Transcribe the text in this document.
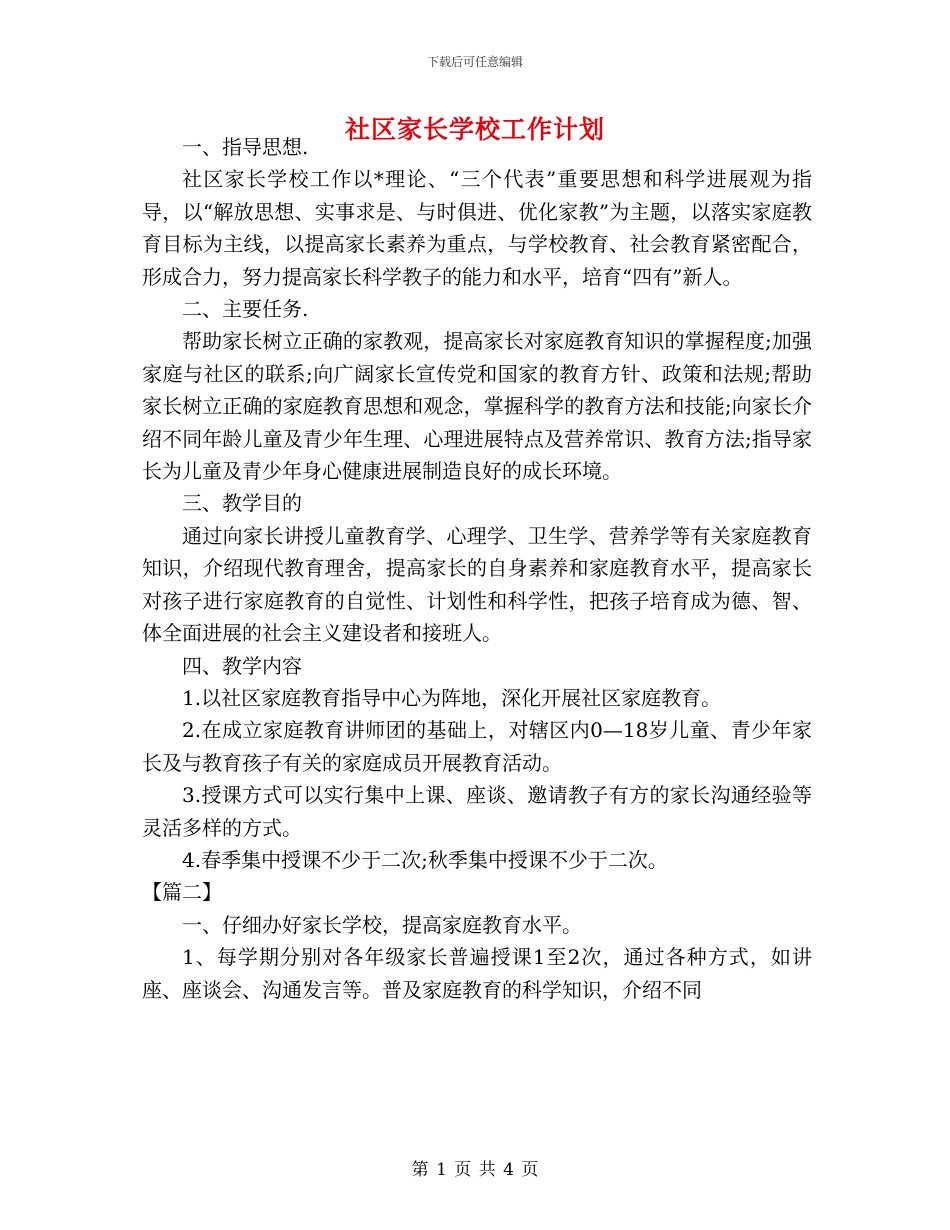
下载后可任意编辑
社区家长学校工作计划

一、指导思想.

社区家长学校工作以*理论、“三个代表”重要思想和科学进展观为指导，以“解放思想、实事求是、与时俱进、优化家教”为主题，以落实家庭教育目标为主线，以提高家长素养为重点，与学校教育、社会教育紧密配合，形成合力，努力提高家长科学教子的能力和水平，培育“四有”新人。

二、主要任务.

帮助家长树立正确的家教观，提高家长对家庭教育知识的掌握程度;加强家庭与社区的联系;向广阔家长宣传党和国家的教育方针、政策和法规;帮助家长树立正确的家庭教育思想和观念，掌握科学的教育方法和技能;向家长介绍不同年龄儿童及青少年生理、心理进展特点及营养常识、教育方法;指导家长为儿童及青少年身心健康进展制造良好的成长环境。

三、教学目的

通过向家长讲授儿童教育学、心理学、卫生学、营养学等有关家庭教育知识，介绍现代教育理舍，提高家长的自身素养和家庭教育水平，提高家长对孩子进行家庭教育的自觉性、计划性和科学性，把孩子培育成为德、智、体全面进展的社会主义建设者和接班人。

四、教学内容

1.以社区家庭教育指导中心为阵地，深化开展社区家庭教育。

2.在成立家庭教育讲师团的基础上，对辖区内0—18岁儿童、青少年家长及与教育孩子有关的家庭成员开展教育活动。

3.授课方式可以实行集中上课、座谈、邀请教子有方的家长沟通经验等灵活多样的方式。

4.春季集中授课不少于二次;秋季集中授课不少于二次。

【篇二】

一、仔细办好家长学校，提高家庭教育水平。

1、每学期分别对各年级家长普遍授课1至2次，通过各种方式，如讲座、座谈会、沟通发言等。普及家庭教育的科学知识，介绍不同

第 1 页 共 4 页
